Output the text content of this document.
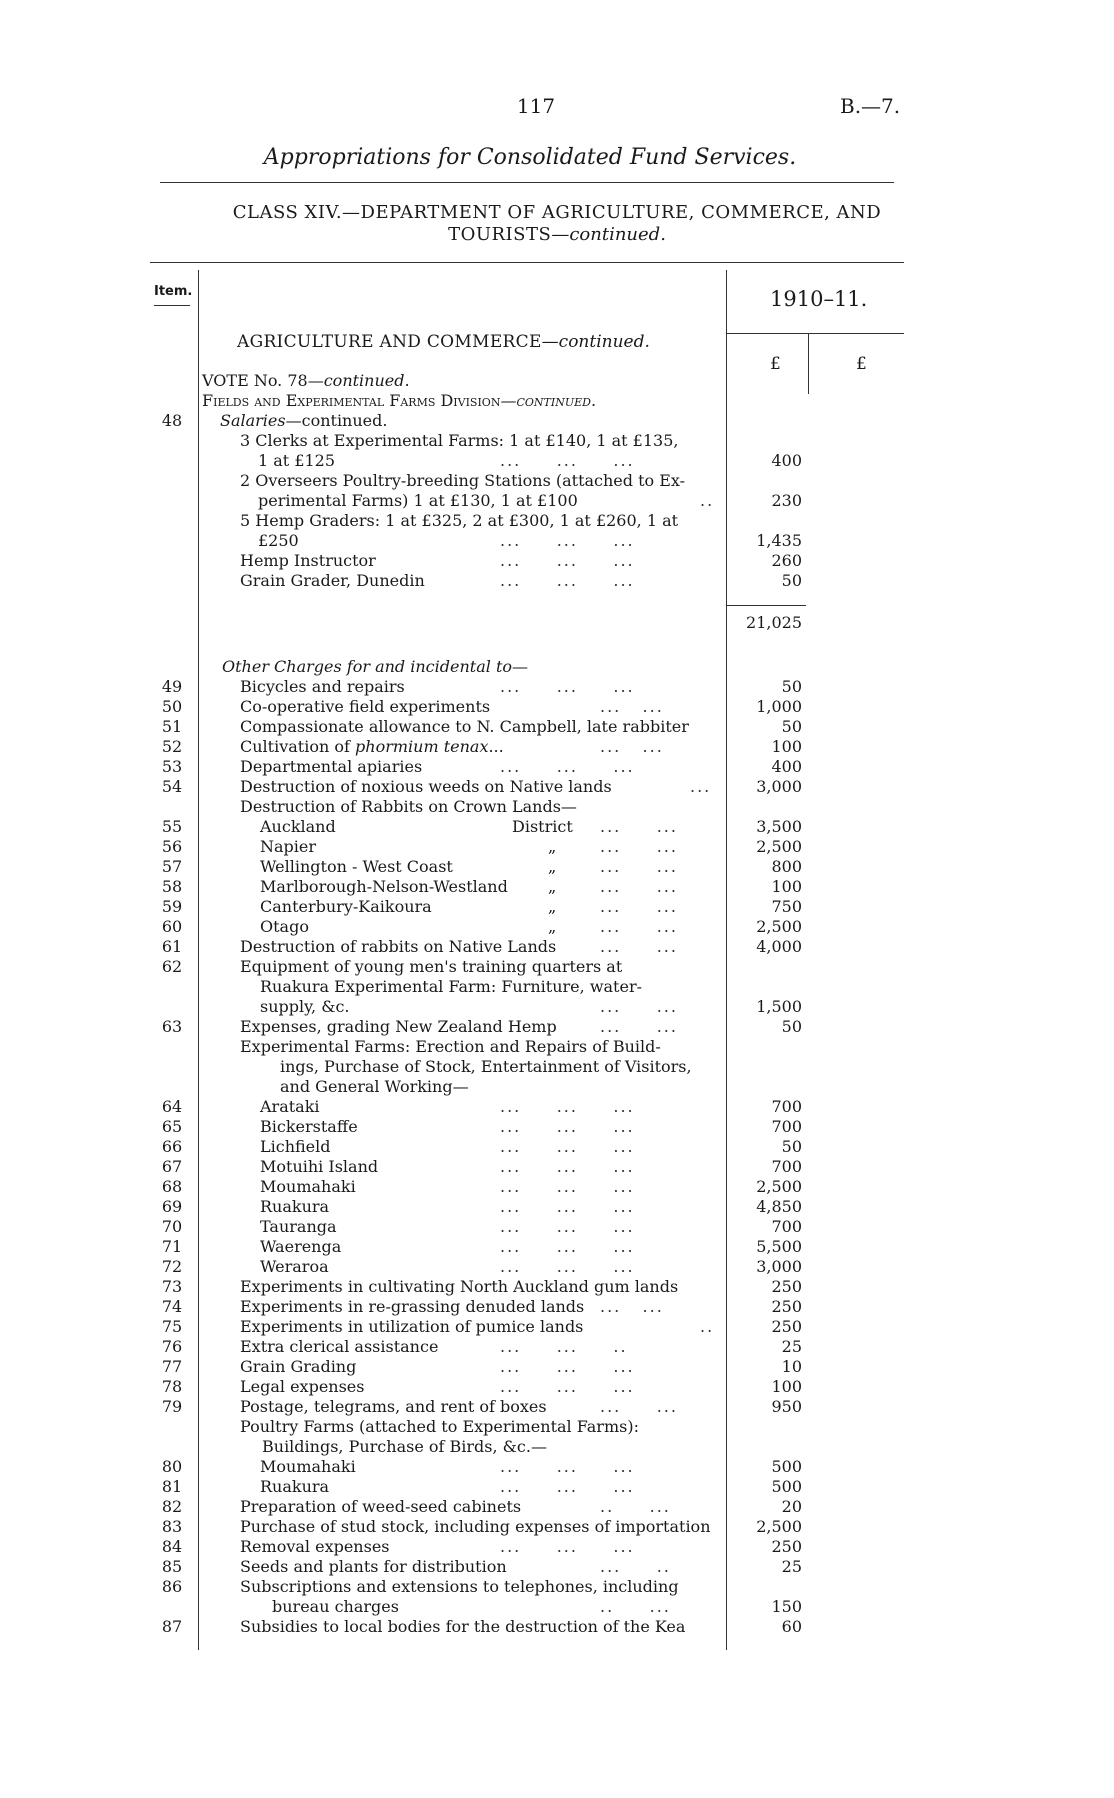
117	B.—7.
Appropriations for Consolidated Fund Services.
CLASS XIV.—DEPARTMENT OF AGRICULTURE, COMMERCE, AND
TOURISTS—continued.
Item.	1910–11.
£	£
AGRICULTURE AND COMMERCE—continued.
VOTE No. 78—continued.
Fields and Experimental Farms Division—continued.
48	Salaries—continued.
3 Clerks at Experimental Farms: 1 at £140, 1 at £135,
1 at £125	...     ...     ...	400
2 Overseers Poultry-breeding Stations (attached to Ex-
perimental Farms) 1 at £130, 1 at £100	..	230
5 Hemp Graders: 1 at £325, 2 at £300, 1 at £260, 1 at
£250	...     ...     ...	1,435
Hemp Instructor	...     ...     ...	260
Grain Grader, Dunedin	...     ...     ...	50
21,025
Other Charges for and incidental to—
49	Bicycles and repairs	...     ...     ...	50
50	Co-operative field experiments	...   ...	1,000
51	Compassionate allowance to N. Campbell, late rabbiter	50
52	Cultivation of phormium tenax...	...   ...	100
53	Departmental apiaries	...     ...     ...	400
54	Destruction of noxious weeds on Native lands	...	3,000
Destruction of Rabbits on Crown Lands—
55	Auckland	District ...     ...	3,500
56	Napier	„	...     ...	2,500
57	Wellington - West Coast	„	...     ...	800
58	Marlborough-Nelson-Westland	„	...     ...	100
59	Canterbury-Kaikoura	„	...     ...	750
60	Otago	„	...     ...	2,500
61	Destruction of rabbits on Native Lands	...     ...	4,000
62	Equipment of young men's training quarters at
Ruakura Experimental Farm: Furniture, water-
supply, &c.	...     ...	1,500
63	Expenses, grading New Zealand Hemp	...     ...	50
Experimental Farms: Erection and Repairs of Build-
ings, Purchase of Stock, Entertainment of Visitors,
and General Working—
64	Arataki	...     ...     ...	700
65	Bickerstaffe	...     ...     ...	700
66	Lichfield	...     ...     ...	50
67	Motuihi Island	...     ...     ...	700
68	Moumahaki	...     ...     ...	2,500
69	Ruakura	...     ...     ...	4,850
70	Tauranga	...     ...     ...	700
71	Waerenga	...     ...     ...	5,500
72	Weraroa	...     ...     ...	3,000
73	Experiments in cultivating North Auckland gum lands	250
74	Experiments in re-grassing denuded lands ...   ...	250
75	Experiments in utilization of pumice lands	..	250
76	Extra clerical assistance	...     ...     ..	25
77	Grain Grading	...     ...     ...	10
78	Legal expenses	...     ...     ...	100
79	Postage, telegrams, and rent of boxes	...     ...	950
Poultry Farms (attached to Experimental Farms):
Buildings, Purchase of Birds, &c.—
80	Moumahaki	...     ...     ...	500
81	Ruakura	...     ...     ...	500
82	Preparation of weed-seed cabinets	..     ...	20
83	Purchase of stud stock, including expenses of importation	2,500
84	Removal expenses	...     ...     ...	250
85	Seeds and plants for distribution	...     ..	25
86	Subscriptions and extensions to telephones, including
bureau charges	..     ...	150
87	Subsidies to local bodies for the destruction of the Kea	60
